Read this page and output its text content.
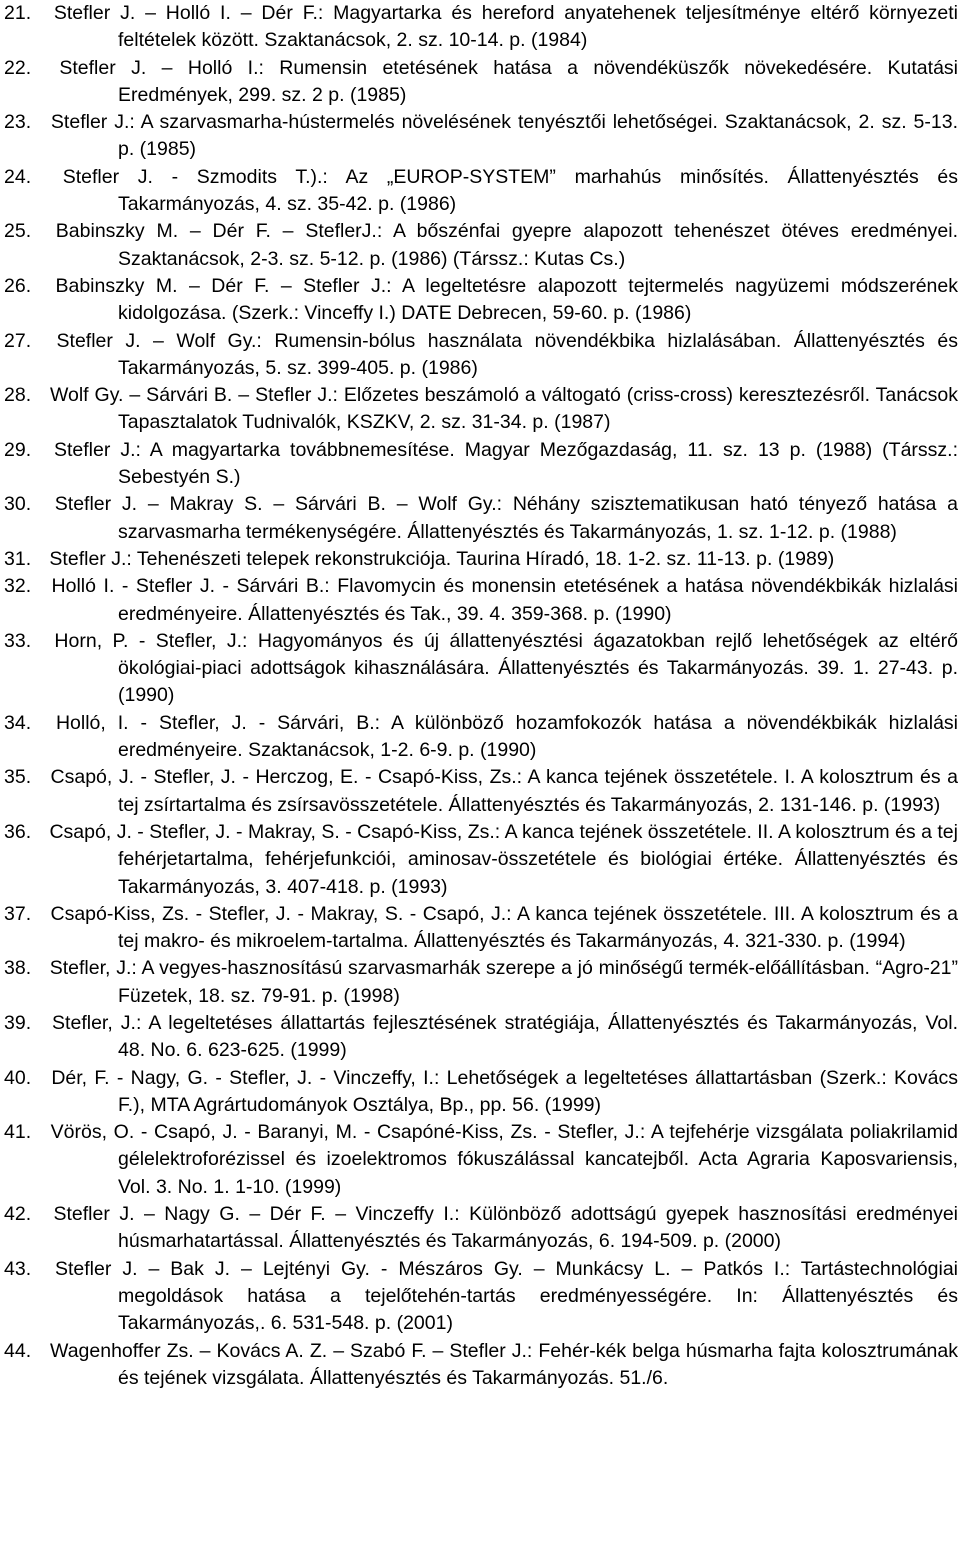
21. Stefler J. – Holló I. – Dér F.: Magyartarka és hereford anyatehenek teljesítménye eltérő környezeti feltételek között. Szaktanácsok, 2. sz. 10-14. p. (1984)
22. Stefler J. – Holló I.: Rumensin etetésének hatása a növendéküszők növekedésére. Kutatási Eredmények, 299. sz. 2 p. (1985)
23. Stefler J.: A szarvasmarha-hústermelés növelésének tenyésztői lehetőségei. Szaktanácsok, 2. sz. 5-13. p. (1985)
24. Stefler J. - Szmodits T.).: Az „EUROP-SYSTEM” marhahús minősítés. Állattenyésztés és Takarmányozás, 4. sz. 35-42. p. (1986)
25. Babinszky M. – Dér F. – SteflerJ.: A bőszénfai gyepre alapozott tehenészet ötéves eredményei. Szaktanácsok, 2-3. sz. 5-12. p. (1986) (Társsz.: Kutas Cs.)
26. Babinszky M. – Dér F. – Stefler J.: A legeltetésre alapozott tejtermelés nagyüzemi módszerének kidolgozása. (Szerk.: Vinceffy I.) DATE Debrecen, 59-60. p. (1986)
27. Stefler J. – Wolf Gy.: Rumensin-bólus használata növendékbika hizlalásában. Állattenyésztés és Takarmányozás, 5. sz. 399-405. p. (1986)
28. Wolf Gy. – Sárvári B. – Stefler J.: Előzetes beszámoló a váltogató (criss-cross) keresztezésről. Tanácsok Tapasztalatok Tudnivalók, KSZKV, 2. sz. 31-34. p. (1987)
29. Stefler J.: A magyartarka továbbnemesítése. Magyar Mezőgazdaság, 11. sz. 13 p. (1988) (Társsz.: Sebestyén S.)
30. Stefler J. – Makray S. – Sárvári B. – Wolf Gy.: Néhány szisztematikusan ható tényező hatása a szarvasmarha termékenységére. Állattenyésztés és Takarmányozás, 1. sz. 1-12. p. (1988)
31. Stefler J.: Tehenészeti telepek rekonstrukciója. Taurina Híradó, 18. 1-2. sz. 11-13. p. (1989)
32. Holló I. - Stefler J. - Sárvári B.: Flavomycin és monensin etetésének a hatása növendékbikák hizlalási eredményeire. Állattenyésztés és Tak., 39. 4. 359-368. p. (1990)
33. Horn, P. - Stefler, J.: Hagyományos és új állattenyésztési ágazatokban rejlő lehetőségek az eltérő ökológiai-piaci adottságok kihasználására. Állattenyésztés és Takarmányozás. 39. 1. 27-43. p. (1990)
34. Holló, I. - Stefler, J. - Sárvári, B.: A különböző hozamfokozók hatása a növendékbikák hizlalási eredményeire. Szaktanácsok, 1-2. 6-9. p. (1990)
35. Csapó, J. - Stefler, J. - Herczog, E. - Csapó-Kiss, Zs.: A kanca tejének összetétele. I. A kolosztrum és a tej zsírtartalma és zsírsavösszetétele. Állattenyésztés és Takarmányozás, 2. 131-146. p. (1993)
36. Csapó, J. - Stefler, J. - Makray, S. - Csapó-Kiss, Zs.: A kanca tejének összetétele. II. A kolosztrum és a tej fehérjetartalma, fehérjefunkciói, aminosav-összetétele és biológiai értéke. Állattenyésztés és Takarmányozás, 3. 407-418. p. (1993)
37. Csapó-Kiss, Zs. - Stefler, J. - Makray, S. - Csapó, J.: A kanca tejének összetétele. III. A kolosztrum és a tej makro- és mikroelem-tartalma. Állattenyésztés és Takarmányozás, 4. 321-330. p. (1994)
38. Stefler, J.: A vegyes-hasznosítású szarvasmarhák szerepe a jó minőségű termék-előállításban. “Agro-21” Füzetek, 18. sz. 79-91. p. (1998)
39. Stefler, J.: A legeltetéses állattartás fejlesztésének stratégiája, Állattenyésztés és Takarmányozás, Vol. 48. No. 6. 623-625. (1999)
40. Dér, F. - Nagy, G. - Stefler, J. - Vinczeffy, I.: Lehetőségek a legeltetéses állattartásban (Szerk.: Kovács F.), MTA Agrártudományok Osztálya, Bp., pp. 56. (1999)
41. Vörös, O. - Csapó, J. - Baranyi, M. - Csapóné-Kiss, Zs. - Stefler, J.: A tejfehérje vizsgálata poliakrilamid gélelektroforézissel és izoelektromos fókuszálással kancatejből. Acta Agraria Kaposvariensis, Vol. 3. No. 1. 1-10. (1999)
42. Stefler J. – Nagy G. – Dér F. – Vinczeffy I.: Különböző adottságú gyepek hasznosítási eredményei húsmarhatartással. Állattenyésztés és Takarmányozás, 6. 194-509. p. (2000)
43. Stefler J. – Bak J. – Lejtényi Gy. - Mészáros Gy. – Munkácsy L. – Patkós I.: Tartástechnológiai megoldások hatása a tejelőtehén-tartás eredményességére. In: Állattenyésztés és Takarmányozás,. 6. 531-548. p. (2001)
44. Wagenhoffer Zs. – Kovács A. Z. – Szabó F. – Stefler J.: Fehér-kék belga húsmarha fajta kolosztrumának és tejének vizsgálata. Állattenyésztés és Takarmányozás. 51./6.
